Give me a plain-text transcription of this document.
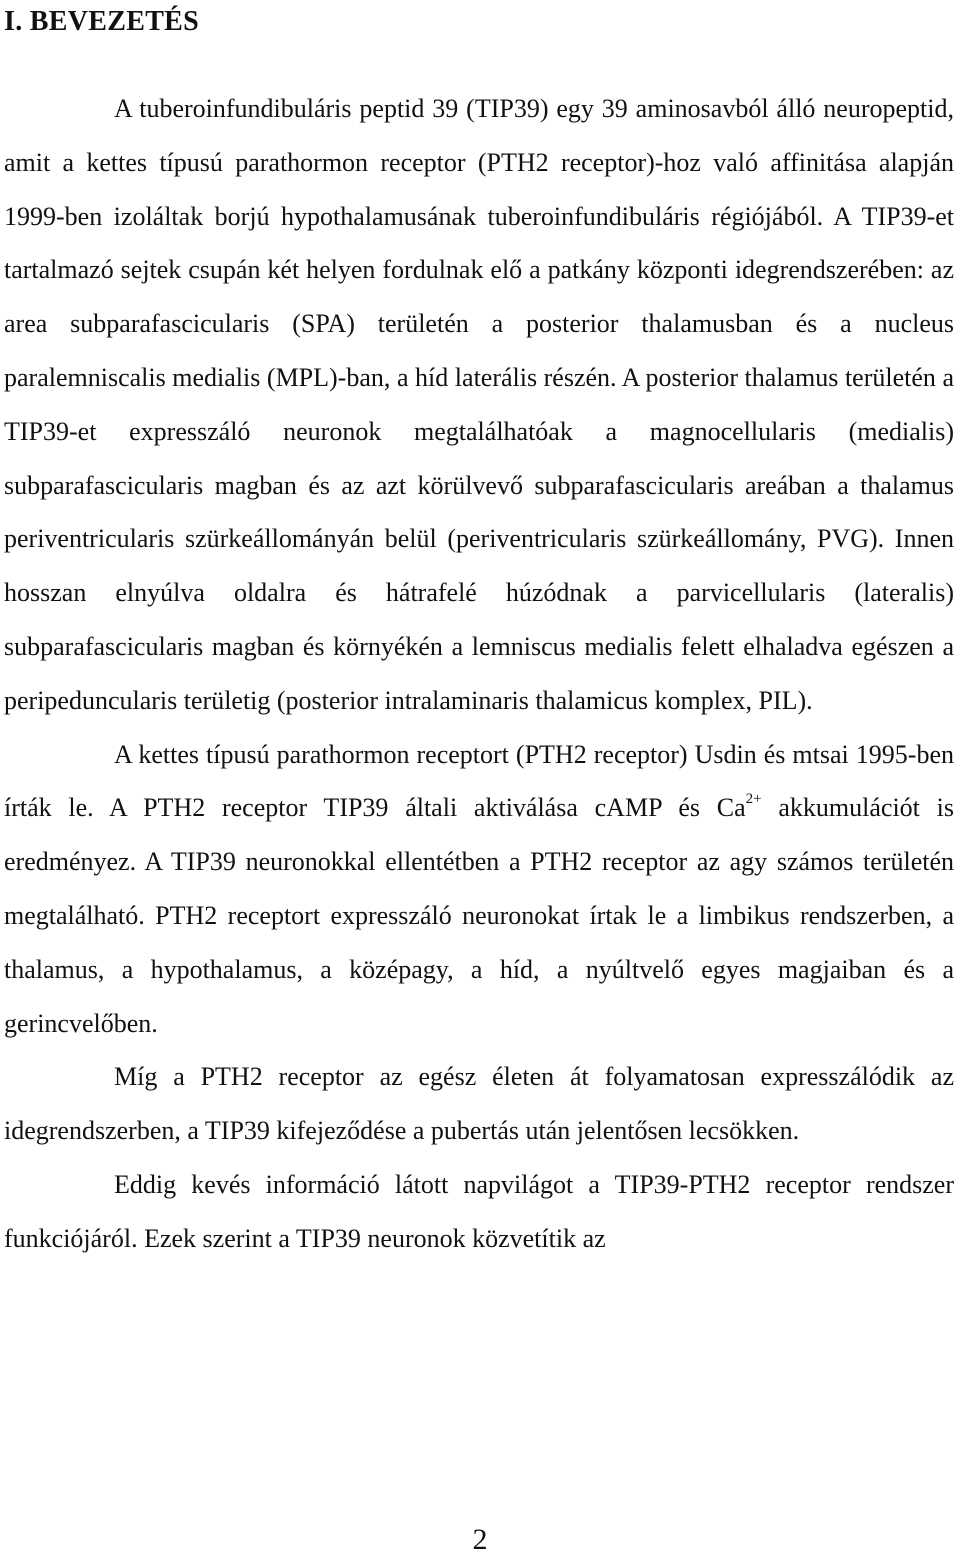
I. BEVEZETÉS

A tuberoinfundibuláris peptid 39 (TIP39) egy 39 aminosavból álló neuropeptid, amit a kettes típusú parathormon receptor (PTH2 receptor)-hoz való affinitása alapján 1999-ben izoláltak borjú hypothalamusának tuberoinfundibuláris régiójából. A TIP39-et tartalmazó sejtek csupán két helyen fordulnak elő a patkány központi idegrendszerében: az area subparafascicularis (SPA) területén a posterior thalamusban és a nucleus paralemniscalis medialis (MPL)-ban, a híd laterális részén. A posterior thalamus területén a TIP39-et expresszáló neuronok megtalálhatóak a magnocellularis (medialis) subparafascicularis magban és az azt körülvevő subparafascicularis areában a thalamus periventricularis szürkeállományán belül (periventricularis szürkeállomány, PVG). Innen hosszan elnyúlva oldalra és hátrafelé húzódnak a parvicellularis (lateralis) subparafascicularis magban és környékén a lemniscus medialis felett elhaladva egészen a peripeduncularis területig (posterior intralaminaris thalamicus komplex, PIL).

A kettes típusú parathormon receptort (PTH2 receptor) Usdin és mtsai 1995-ben írták le. A PTH2 receptor TIP39 általi aktiválása cAMP és $Ca^{2+}$ akkumulációt is eredményez. A TIP39 neuronokkal ellentétben a PTH2 receptor az agy számos területén megtalálható. PTH2 receptort expresszáló neuronokat írtak le a limbikus rendszerben, a thalamus, a hypothalamus, a középagy, a híd, a nyúltvelő egyes magjaiban és a gerincvelőben.

Míg a PTH2 receptor az egész életen át folyamatosan expresszálódik az idegrendszerben, a TIP39 kifejeződése a pubertás után jelentősen lecsökken.

Eddig kevés információ látott napvilágot a TIP39-PTH2 receptor rendszer funkciójáról. Ezek szerint a TIP39 neuronok közvetítik az

2
